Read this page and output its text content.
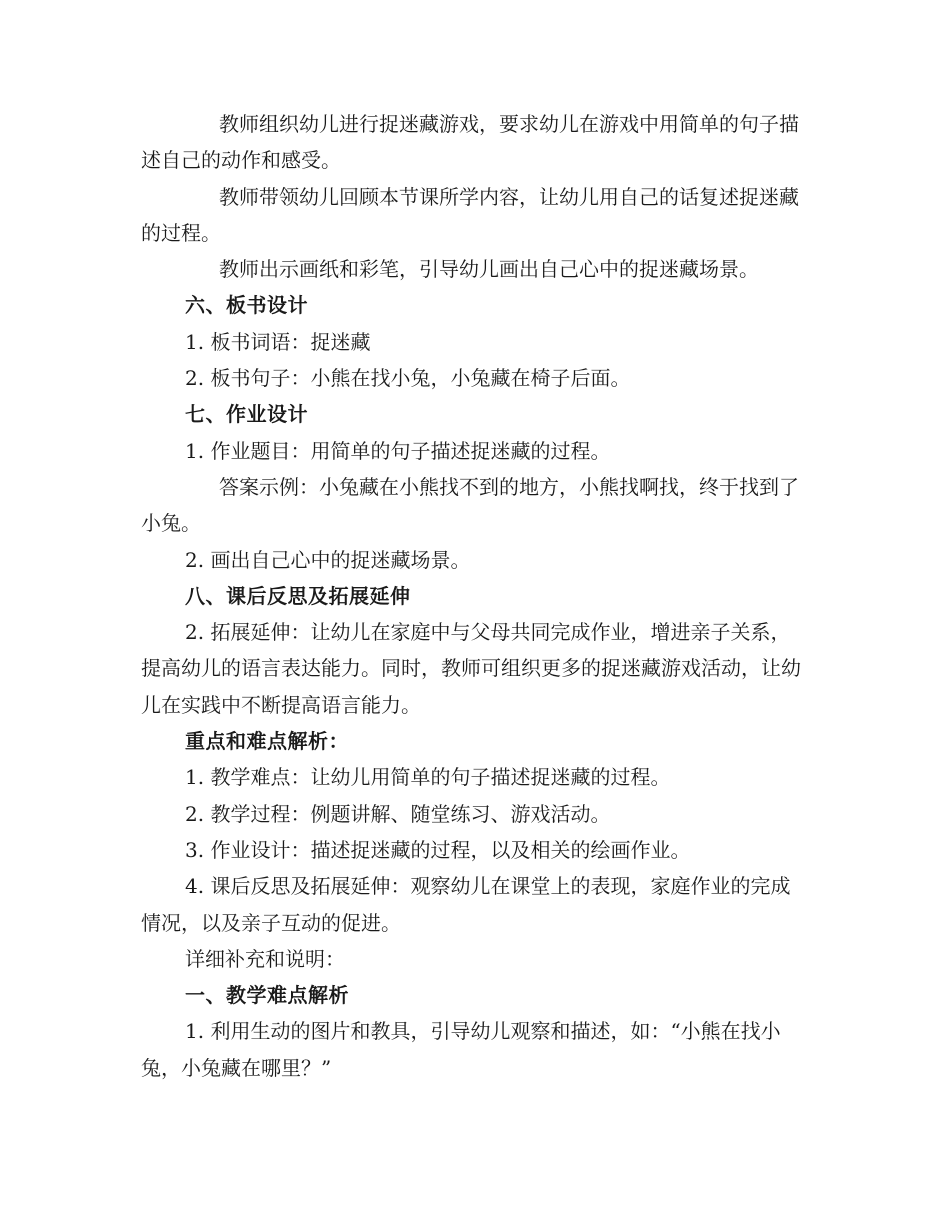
教师组织幼儿进行捉迷藏游戏，要求幼儿在游戏中用简单的句子描述自己的动作和感受。

教师带领幼儿回顾本节课所学内容，让幼儿用自己的话复述捉迷藏的过程。

教师出示画纸和彩笔，引导幼儿画出自己心中的捉迷藏场景。

六、板书设计

1. 板书词语：捉迷藏

2. 板书句子：小熊在找小兔，小兔藏在椅子后面。

七、作业设计

1. 作业题目：用简单的句子描述捉迷藏的过程。

答案示例：小兔藏在小熊找不到的地方，小熊找啊找，终于找到了小兔。

2. 画出自己心中的捉迷藏场景。

八、课后反思及拓展延伸

2. 拓展延伸：让幼儿在家庭中与父母共同完成作业，增进亲子关系，提高幼儿的语言表达能力。同时，教师可组织更多的捉迷藏游戏活动，让幼儿在实践中不断提高语言能力。

重点和难点解析：

1. 教学难点：让幼儿用简单的句子描述捉迷藏的过程。

2. 教学过程：例题讲解、随堂练习、游戏活动。

3. 作业设计：描述捉迷藏的过程，以及相关的绘画作业。

4. 课后反思及拓展延伸：观察幼儿在课堂上的表现，家庭作业的完成情况，以及亲子互动的促进。

详细补充和说明：

一、教学难点解析

1. 利用生动的图片和教具，引导幼儿观察和描述，如：“小熊在找小兔，小兔藏在哪里？”
